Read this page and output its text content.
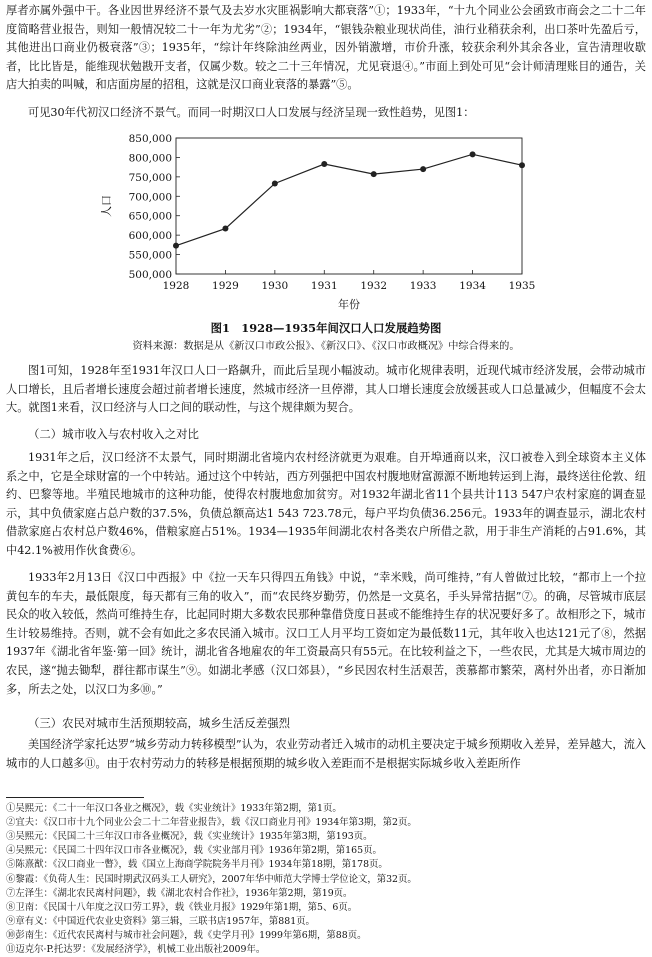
厚者亦属外强中干。各业因世界经济不景气及去岁水灾匪祸影响大都衰落”①；1933年，“十九个同业公会函致市商会之二十二年度简略营业报告，则知一般情况较二十一年为尤劣”②；1934年，“银钱杂粮业现状尚佳，油行业稍获余利，出口茶叶先盈后亏，其他进出口商业仍极衰落”③；1935年，“综计年终除油丝两业，因外销激增，市价升涨，较获余利外其余各业，宣告清理收歇者，比比皆是，能维现状勉戡开支者，仅属少数。较之二十三年情况，尤见衰退④。”市面上到处可见“会计师清理账目的通告，关店大拍卖的叫喊，和店面房屋的招租，这就是汉口商业衰落的暴露”⑤。

可见30年代初汉口经济不景气。而同一时期汉口人口发展与经济呈现一致性趋势，见图1：

500,000
550,000
600,000
650,000
700,000
750,000
800,000
850,000
1928 1929 1930 1931 1932 1933 1934 1935
年份
人口

图1　1928—1935年间汉口人口发展趋势图

资料来源：数据是从《新汉口市政公报》、《新汉口》、《汉口市政概况》中综合得来的。

图1可知，1928年至1931年汉口人口一路飙升，而此后呈现小幅波动。城市化规律表明，近现代城市经济发展，会带动城市人口增长，且后者增长速度会超过前者增长速度，然城市经济一旦停滞，其人口增长速度会放缓甚或人口总量减少，但幅度不会太大。就图1来看，汉口经济与人口之间的联动性，与这个规律颇为契合。

（二）城市收入与农村收入之对比

1931年之后，汉口经济不太景气，同时期湖北省境内农村经济就更为艰难。自开埠通商以来，汉口被卷入到全球资本主义体系之中，它是全球财富的一个中转站。通过这个中转站，西方列强把中国农村腹地财富源源不断地转运到上海，最终送往伦敦、纽约、巴黎等地。半殖民地城市的这种功能，使得农村腹地愈加贫穷。对1932年湖北省11个县共计113 547户农村家庭的调查显示，其中负债家庭占总户数的37.5%，负债总额高达1 543 723.78元，每户平均负债36.256元。1933年的调查显示，湖北农村借款家庭占农村总户数46%，借粮家庭占51%。1934—1935年间湖北农村各类农户所借之款，用于非生产消耗的占91.6%，其中42.1%被用作伙食费⑥。

1933年2月13日《汉口中西报》中《拉一天车只得四五角钱》中说，“幸米贱，尚可维持，”有人曾做过比较，“都市上一个拉黄包车的车夫，最低限度，每天都有三角的收入”，而“农民终岁勤劳，仍然是一文莫名，手头异常拮据”⑦。的确，尽管城市底层民众的收入较低，然尚可维持生存，比起同时期大多数农民那种靠借贷度日甚或不能维持生存的状况要好多了。故相形之下，城市生计较易维持。否则，就不会有如此之多农民涌入城市。汉口工人月平均工资如定为最低数11元，其年收入也达121元了⑧，然据1937年《湖北省年鉴·第一回》统计，湖北省各地雇农的年工资最高只有55元。在比较利益之下，一些农民，尤其是大城市周边的农民，遂“抛去锄犁，群往都市谋生”⑨。如湖北孝感（汉口郊县），“乡民因农村生活艰苦，羡慕都市繁荣，离村外出者，亦日渐加多，所去之处，以汉口为多⑩。”

（三）农民对城市生活预期较高，城乡生活反差强烈

美国经济学家托达罗“城乡劳动力转移模型”认为，农业劳动者迁入城市的动机主要决定于城乡预期收入差异，差异越大，流入城市的人口越多⑪。由于农村劳动力的转移是根据预期的城乡收入差距而不是根据实际城乡收入差距所作

①吴熙元：《二十一年汉口各业之概况》，载《实业统计》1933年第2期，第1页。

②宜夫：《汉口市十九个同业公会二十二年营业报告》，载《汉口商业月刊》1934年第3期，第2页。

③吴熙元：《民国二十三年汉口市各业概况》，载《实业统计》1935年第3期，第193页。

④吴熙元：《民国二十四年汉口市各业概况》，载《实业部月刊》1936年第2期，第165页。

⑤陈熹猷：《汉口商业一瞥》，载《国立上海商学院院务半月刊》1934年第18期，第178页。

⑥黎霞：《负荷人生：民国时期武汉码头工人研究》，2007年华中师范大学博士学位论文，第32页。

⑦左泽生：《湖北农民离村问题》，载《湖北农村合作社》，1936年第2期，第19页。

⑧卫南：《民国十八年度之汉口劳工界》，载《铁业月报》1929年第1期，第5、6页。

⑨章有义：《中国近代农业史资料》第三辑，三联书店1957年，第881页。

⑩彭南生：《近代农民离村与城市社会问题》，载《史学月刊》1999年第6期，第88页。

⑪迈克尔·P.托达罗：《发展经济学》，机械工业出版社2009年。
